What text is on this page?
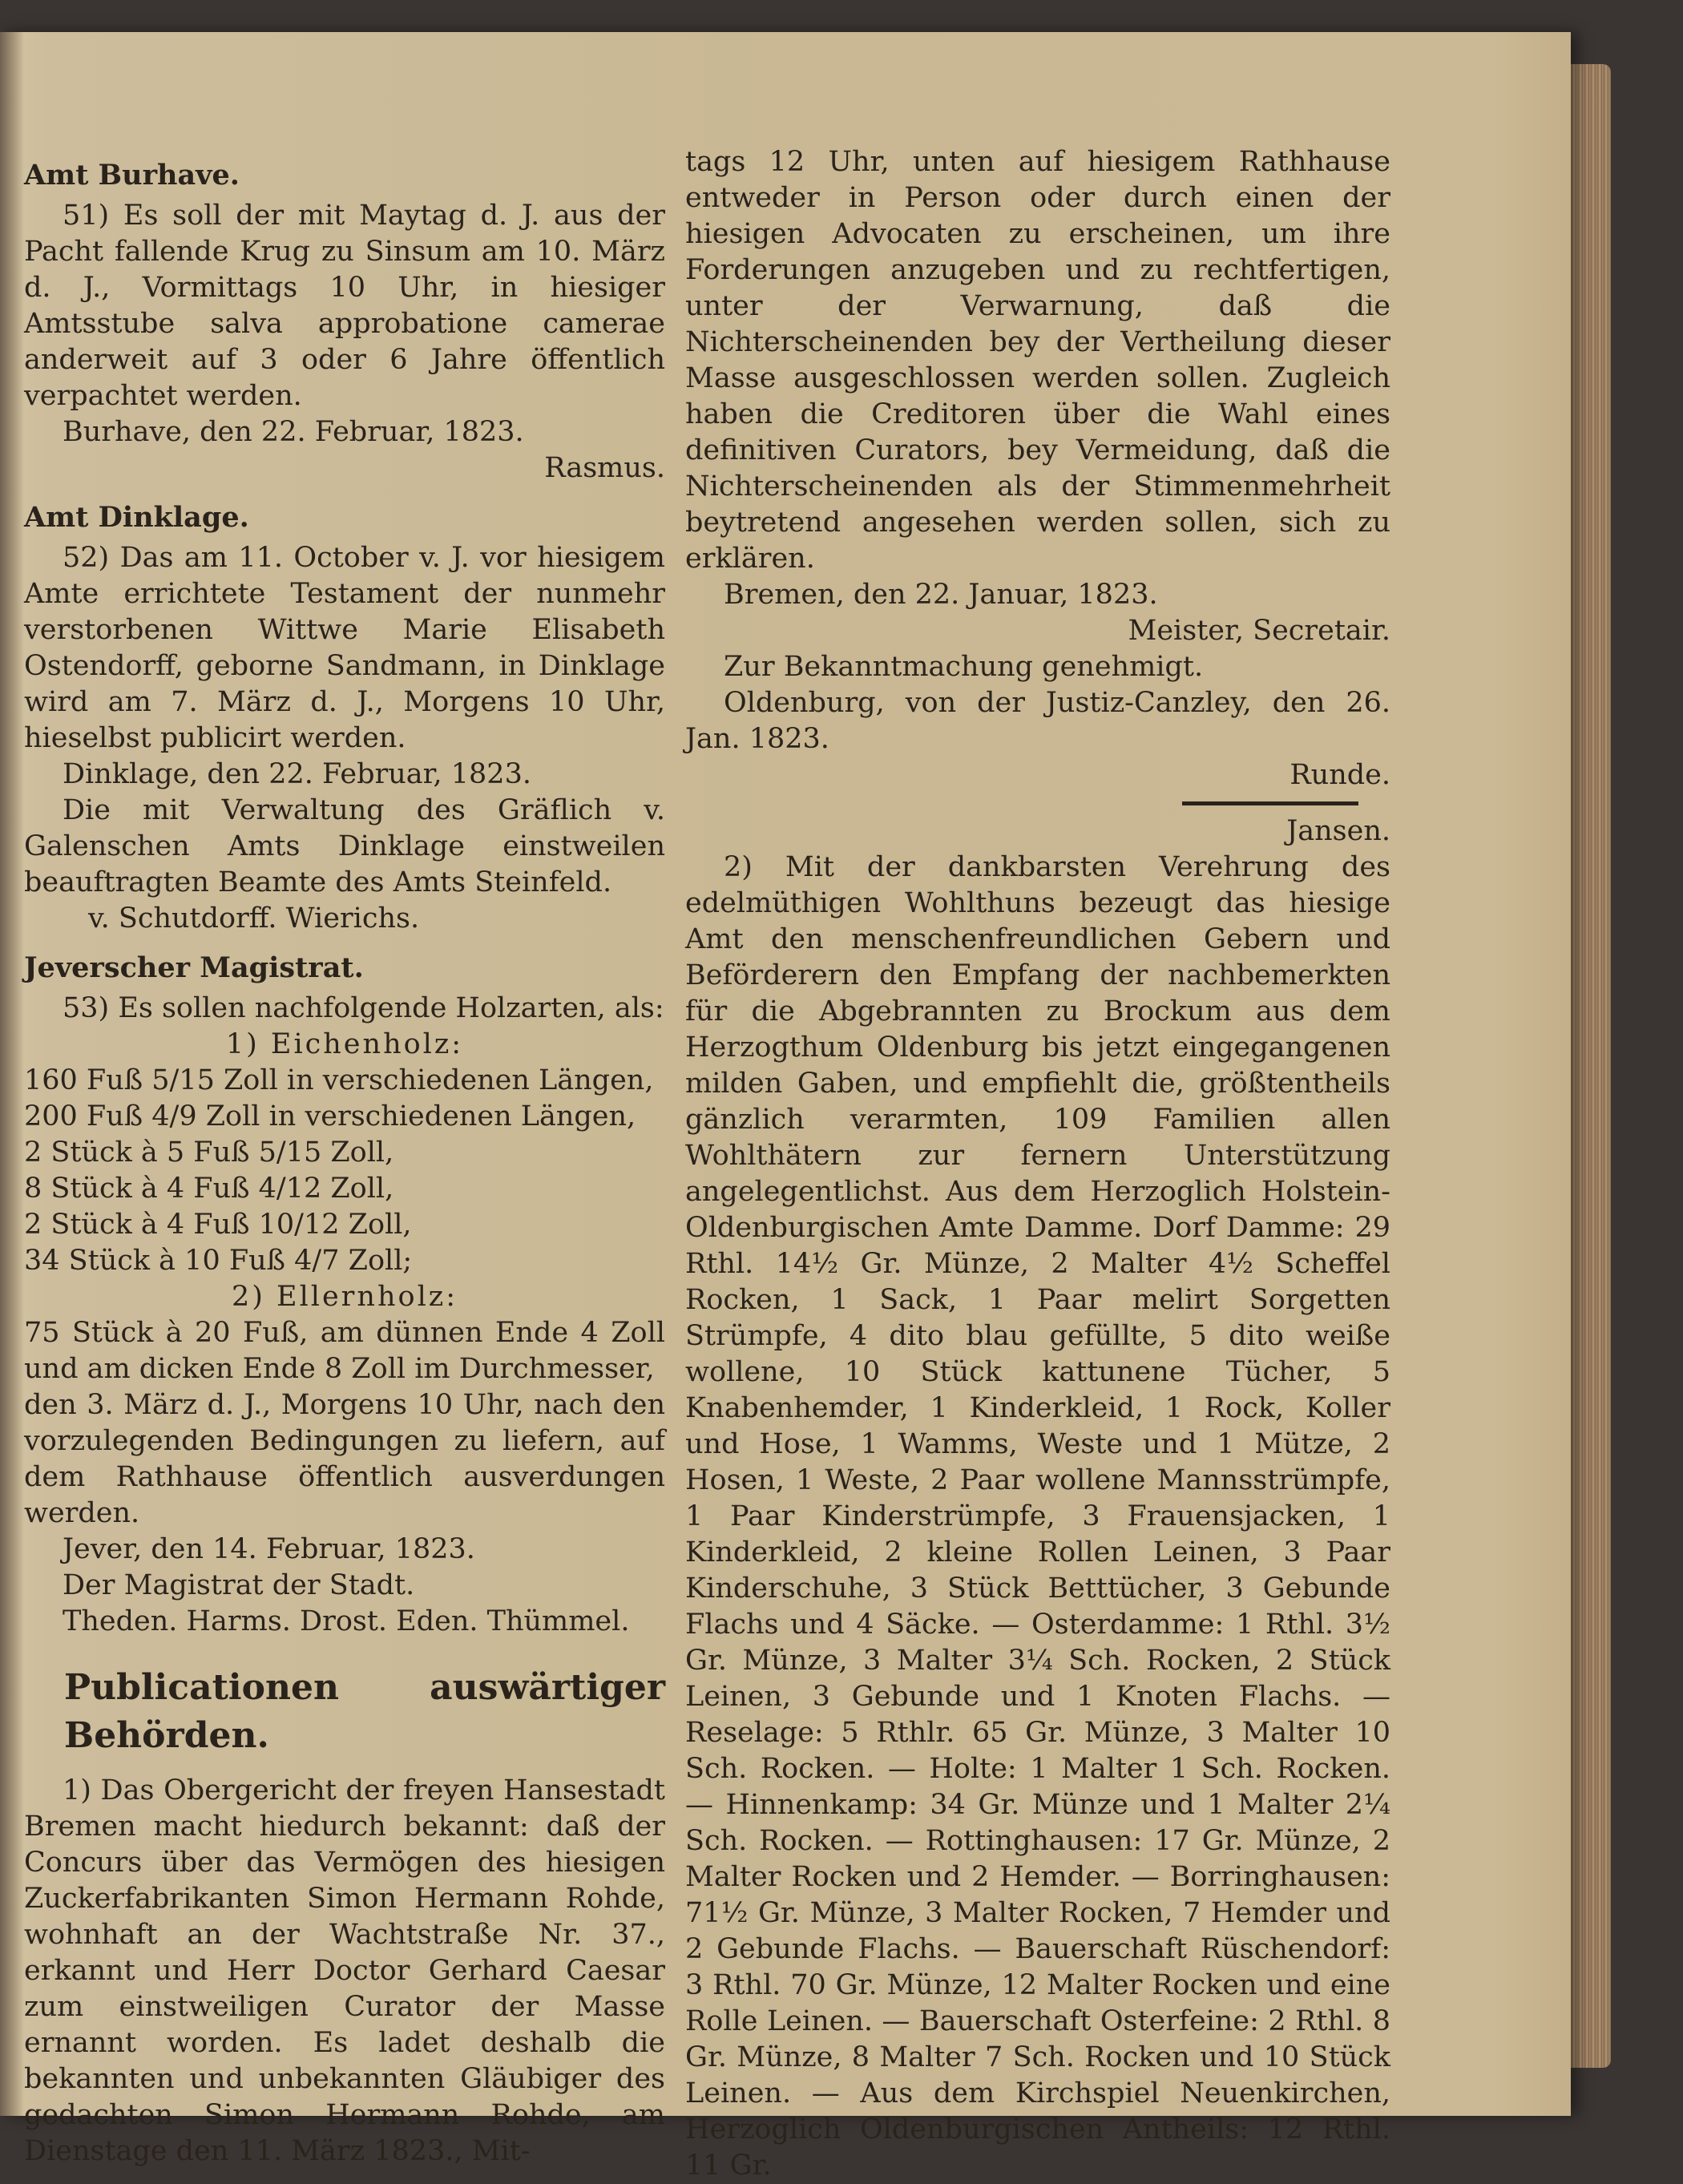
Amt Burhave.

51) Es soll der mit Maytag d. J. aus der Pacht fallende Krug zu Sinsum am 10. März d. J., Vormittags 10 Uhr, in hiesiger Amtsstube salva approbatione camerae anderweit auf 3 oder 6 Jahre öffentlich verpachtet werden.

Burhave, den 22. Februar, 1823.

Rasmus.

Amt Dinklage.

52) Das am 11. October v. J. vor hiesigem Amte errichtete Testament der nunmehr verstorbenen Wittwe Marie Elisabeth Ostendorff, geborne Sandmann, in Dinklage wird am 7. März d. J., Morgens 10 Uhr, hieselbst publicirt werden.

Dinklage, den 22. Februar, 1823.

Die mit Verwaltung des Gräflich v. Galenschen Amts Dinklage einstweilen beauftragten Beamte des Amts Steinfeld.

v. Schutdorff. Wierichs.

Jeverscher Magistrat.

53) Es sollen nachfolgende Holzarten, als:

1) Eichenholz:

160 Fuß 5/15 Zoll in verschiedenen Längen,

200 Fuß 4/9 Zoll in verschiedenen Längen,

2 Stück à 5 Fuß 5/15 Zoll,

8 Stück à 4 Fuß 4/12 Zoll,

2 Stück à 4 Fuß 10/12 Zoll,

34 Stück à 10 Fuß 4/7 Zoll;

2) Ellernholz:

75 Stück à 20 Fuß, am dünnen Ende 4 Zoll und am dicken Ende 8 Zoll im Durchmesser,

den 3. März d. J., Morgens 10 Uhr, nach den vorzulegenden Bedingungen zu liefern, auf dem Rathhause öffentlich ausverdungen werden.

Jever, den 14. Februar, 1823.

Der Magistrat der Stadt.

Theden. Harms. Drost. Eden. Thümmel.

Publicationen auswärtiger Behörden.

1) Das Obergericht der freyen Hansestadt Bremen macht hiedurch bekannt: daß der Concurs über das Vermögen des hiesigen Zuckerfabrikanten Simon Hermann Rohde, wohnhaft an der Wachtstraße Nr. 37., erkannt und Herr Doctor Gerhard Caesar zum einstweiligen Curator der Masse ernannt worden. Es ladet deshalb die bekannten und unbekannten Gläubiger des gedachten Simon Hermann Rohde, am Dienstage den 11. März 1823., Mit-

tags 12 Uhr, unten auf hiesigem Rathhause entweder in Person oder durch einen der hiesigen Advocaten zu erscheinen, um ihre Forderungen anzugeben und zu rechtfertigen, unter der Verwarnung, daß die Nichterscheinenden bey der Vertheilung dieser Masse ausgeschlossen werden sollen. Zugleich haben die Creditoren über die Wahl eines definitiven Curators, bey Vermeidung, daß die Nichterscheinenden als der Stimmenmehrheit beytretend angesehen werden sollen, sich zu erklären.

Bremen, den 22. Januar, 1823.

Meister, Secretair.

Zur Bekanntmachung genehmigt.

Oldenburg, von der Justiz-Canzley, den 26. Jan. 1823.

Runde.

Jansen.

2) Mit der dankbarsten Verehrung des edelmüthigen Wohlthuns bezeugt das hiesige Amt den menschenfreundlichen Gebern und Beförderern den Empfang der nachbemerkten für die Abgebrannten zu Brockum aus dem Herzogthum Oldenburg bis jetzt eingegangenen milden Gaben, und empfiehlt die, größtentheils gänzlich verarmten, 109 Familien allen Wohlthätern zur fernern Unterstützung angelegentlichst. Aus dem Herzoglich Holstein-Oldenburgischen Amte Damme. Dorf Damme: 29 Rthl. 14½ Gr. Münze, 2 Malter 4½ Scheffel Rocken, 1 Sack, 1 Paar melirt Sorgetten Strümpfe, 4 dito blau gefüllte, 5 dito weiße wollene, 10 Stück kattunene Tücher, 5 Knabenhemder, 1 Kinderkleid, 1 Rock, Koller und Hose, 1 Wamms, Weste und 1 Mütze, 2 Hosen, 1 Weste, 2 Paar wollene Mannsstrümpfe, 1 Paar Kinderstrümpfe, 3 Frauensjacken, 1 Kinderkleid, 2 kleine Rollen Leinen, 3 Paar Kinderschuhe, 3 Stück Betttücher, 3 Gebunde Flachs und 4 Säcke. — Osterdamme: 1 Rthl. 3½ Gr. Münze, 3 Malter 3¼ Sch. Rocken, 2 Stück Leinen, 3 Gebunde und 1 Knoten Flachs. — Reselage: 5 Rthlr. 65 Gr. Münze, 3 Malter 10 Sch. Rocken. — Holte: 1 Malter 1 Sch. Rocken. — Hinnenkamp: 34 Gr. Münze und 1 Malter 2¼ Sch. Rocken. — Rottinghausen: 17 Gr. Münze, 2 Malter Rocken und 2 Hemder. — Borringhausen: 71½ Gr. Münze, 3 Malter Rocken, 7 Hemder und 2 Gebunde Flachs. — Bauerschaft Rüschendorf: 3 Rthl. 70 Gr. Münze, 12 Malter Rocken und eine Rolle Leinen. — Bauerschaft Osterfeine: 2 Rthl. 8 Gr. Münze, 8 Malter 7 Sch. Rocken und 10 Stück Leinen. — Aus dem Kirchspiel Neuenkirchen, Herzoglich Oldenburgischen Antheils: 12 Rthl. 11 Gr.
